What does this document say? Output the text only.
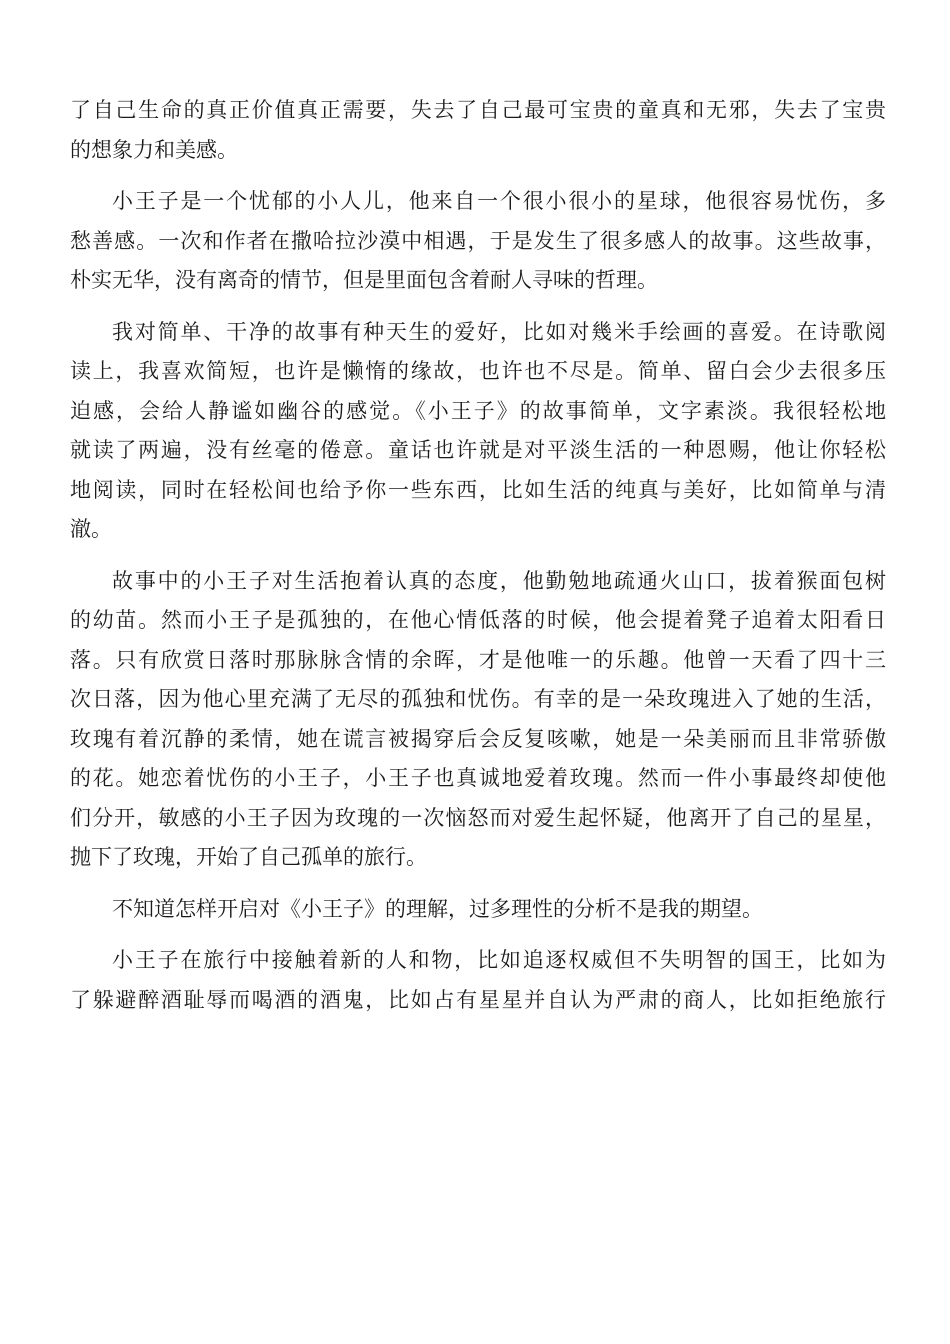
了自己生命的真正价值真正需要，失去了自己最可宝贵的童真和无邪，失去了宝贵
的想象力和美感。
小王子是一个忧郁的小人儿，他来自一个很小很小的星球，他很容易忧伤，多
愁善感。一次和作者在撒哈拉沙漠中相遇，于是发生了很多感人的故事。这些故事，
朴实无华，没有离奇的情节，但是里面包含着耐人寻味的哲理。
我对简单、干净的故事有种天生的爱好，比如对幾米手绘画的喜爱。在诗歌阅
读上，我喜欢简短，也许是懒惰的缘故，也许也不尽是。简单、留白会少去很多压
迫感，会给人静谧如幽谷的感觉。《小王子》的故事简单，文字素淡。我很轻松地
就读了两遍，没有丝毫的倦意。童话也许就是对平淡生活的一种恩赐，他让你轻松
地阅读，同时在轻松间也给予你一些东西，比如生活的纯真与美好，比如简单与清
澈。
故事中的小王子对生活抱着认真的态度，他勤勉地疏通火山口，拔着猴面包树
的幼苗。然而小王子是孤独的，在他心情低落的时候，他会提着凳子追着太阳看日
落。只有欣赏日落时那脉脉含情的余晖，才是他唯一的乐趣。他曾一天看了四十三
次日落，因为他心里充满了无尽的孤独和忧伤。有幸的是一朵玫瑰进入了她的生活，
玫瑰有着沉静的柔情，她在谎言被揭穿后会反复咳嗽，她是一朵美丽而且非常骄傲
的花。她恋着忧伤的小王子，小王子也真诚地爱着玫瑰。然而一件小事最终却使他
们分开，敏感的小王子因为玫瑰的一次恼怒而对爱生起怀疑，他离开了自己的星星，
抛下了玫瑰，开始了自己孤单的旅行。
不知道怎样开启对《小王子》的理解，过多理性的分析不是我的期望。
小王子在旅行中接触着新的人和物，比如追逐权威但不失明智的国王，比如为
了躲避醉酒耻辱而喝酒的酒鬼，比如占有星星并自认为严肃的商人，比如拒绝旅行
